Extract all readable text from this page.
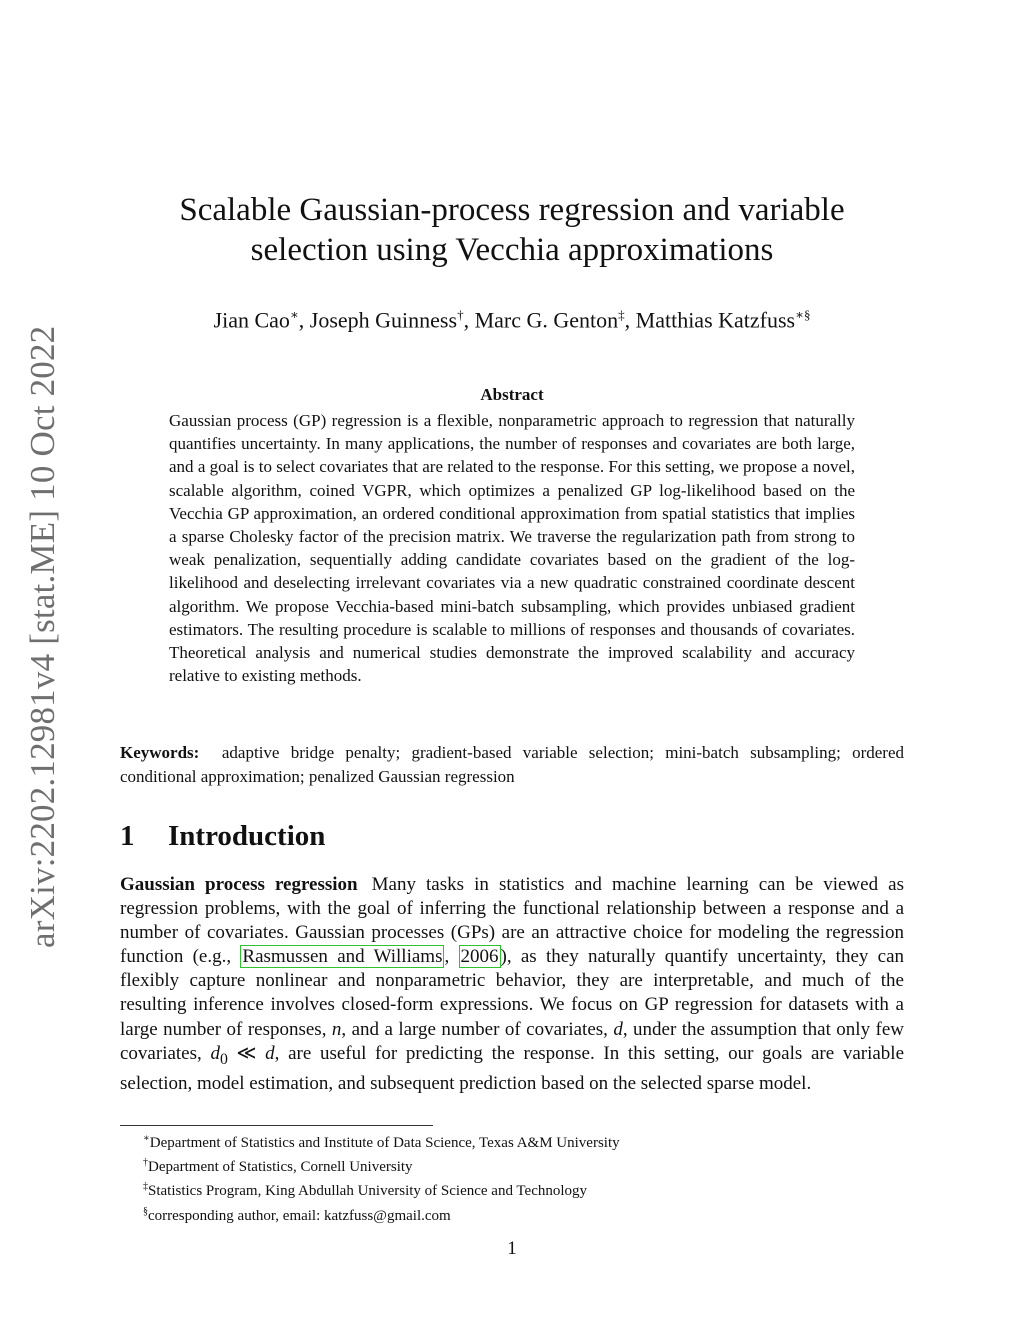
arXiv:2202.12981v4 [stat.ME] 10 Oct 2022
Scalable Gaussian-process regression and variable
selection using Vecchia approximations
Jian Cao∗, Joseph Guinness†, Marc G. Genton‡, Matthias Katzfuss∗§
Abstract
Gaussian process (GP) regression is a flexible, nonparametric approach to regression that naturally quantifies uncertainty. In many applications, the number of responses and covariates are both large, and a goal is to select covariates that are related to the response. For this setting, we propose a novel, scalable algorithm, coined VGPR, which optimizes a penalized GP log-likelihood based on the Vecchia GP approximation, an ordered conditional approximation from spatial statistics that implies a sparse Cholesky factor of the precision matrix. We traverse the regularization path from strong to weak penalization, sequentially adding candidate covariates based on the gradient of the log-likelihood and deselecting irrelevant covariates via a new quadratic constrained coordinate descent algorithm. We propose Vecchia-based mini-batch subsampling, which provides unbiased gradient estimators. The resulting procedure is scalable to millions of responses and thousands of covariates. Theoretical analysis and numerical studies demonstrate the improved scalability and accuracy relative to existing methods.
Keywords: adaptive bridge penalty; gradient-based variable selection; mini-batch subsampling; ordered conditional approximation; penalized Gaussian regression
1 Introduction
Gaussian process regression Many tasks in statistics and machine learning can be viewed as regression problems, with the goal of inferring the functional relationship between a response and a number of covariates. Gaussian processes (GPs) are an attractive choice for modeling the regression function (e.g., Rasmussen and Williams , 2006 ), as they naturally quantify uncertainty, they can flexibly capture nonlinear and nonparametric behavior, they are interpretable, and much of the resulting inference involves closed-form expressions. We focus on GP regression for datasets with a large number of responses, n, and a large number of covariates, d, under the assumption that only few covariates, $d_0$ ≪ d, are useful for predicting the response. In this setting, our goals are variable selection, model estimation, and subsequent prediction based on the selected sparse model.
∗Department of Statistics and Institute of Data Science, Texas A&M University
†Department of Statistics, Cornell University
‡Statistics Program, King Abdullah University of Science and Technology
§corresponding author, email: katzfuss@gmail.com
1
